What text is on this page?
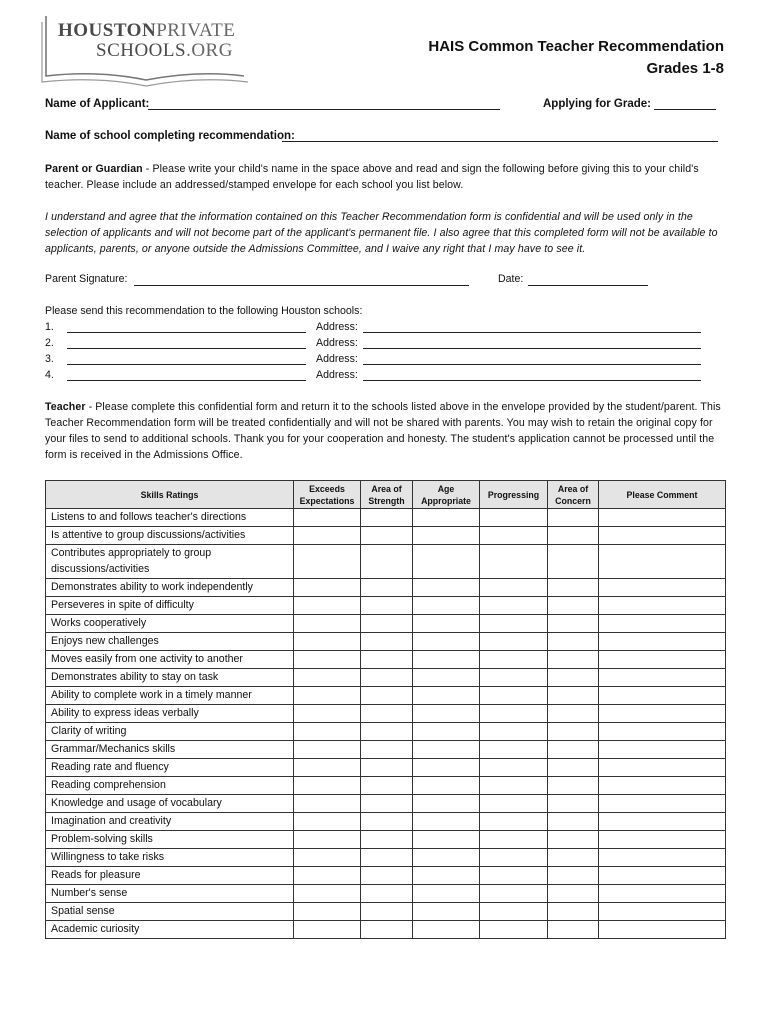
HOUSTONPRIVATE
SCHOOLS.ORG	HAIS Common Teacher Recommendation
Grades 1-8
Name of Applicant:	Applying for Grade:
Name of school completing recommendation:
Parent or Guardian - Please write your child's name in the space above and read and sign the following before giving this to your child's teacher. Please include an addressed/stamped envelope for each school you list below.
I understand and agree that the information contained on this Teacher Recommendation form is confidential and will be used only in the selection of applicants and will not become part of the applicant's permanent file. I also agree that this completed form will not be available to applicants, parents, or anyone outside the Admissions Committee, and I waive any right that I may have to see it.
Parent Signature:	Date:
Please send this recommendation to the following Houston schools:
1.	Address:
2.	Address:
3.	Address:
4.	Address:
Teacher - Please complete this confidential form and return it to the schools listed above in the envelope provided by the student/parent. This Teacher Recommendation form will be treated confidentially and will not be shared with parents. You may wish to retain the original copy for your files to send to additional schools. Thank you for your cooperation and honesty. The student's application cannot be processed until the form is received in the Admissions Office.
Skills Ratings	Exceeds Expectations	Area of Strength	Age Appropriate	Progressing	Area of Concern	Please Comment
Listens to and follows teacher's directions						
Is attentive to group discussions/activities						
Contributes appropriately to group discussions/activities						
Demonstrates ability to work independently						
Perseveres in spite of difficulty						
Works cooperatively						
Enjoys new challenges						
Moves easily from one activity to another						
Demonstrates ability to stay on task						
Ability to complete work in a timely manner						
Ability to express ideas verbally						
Clarity of writing						
Grammar/Mechanics skills						
Reading rate and fluency						
Reading comprehension						
Knowledge and usage of vocabulary						
Imagination and creativity						
Problem-solving skills						
Willingness to take risks						
Reads for pleasure						
Number's sense						
Spatial sense						
Academic curiosity						
